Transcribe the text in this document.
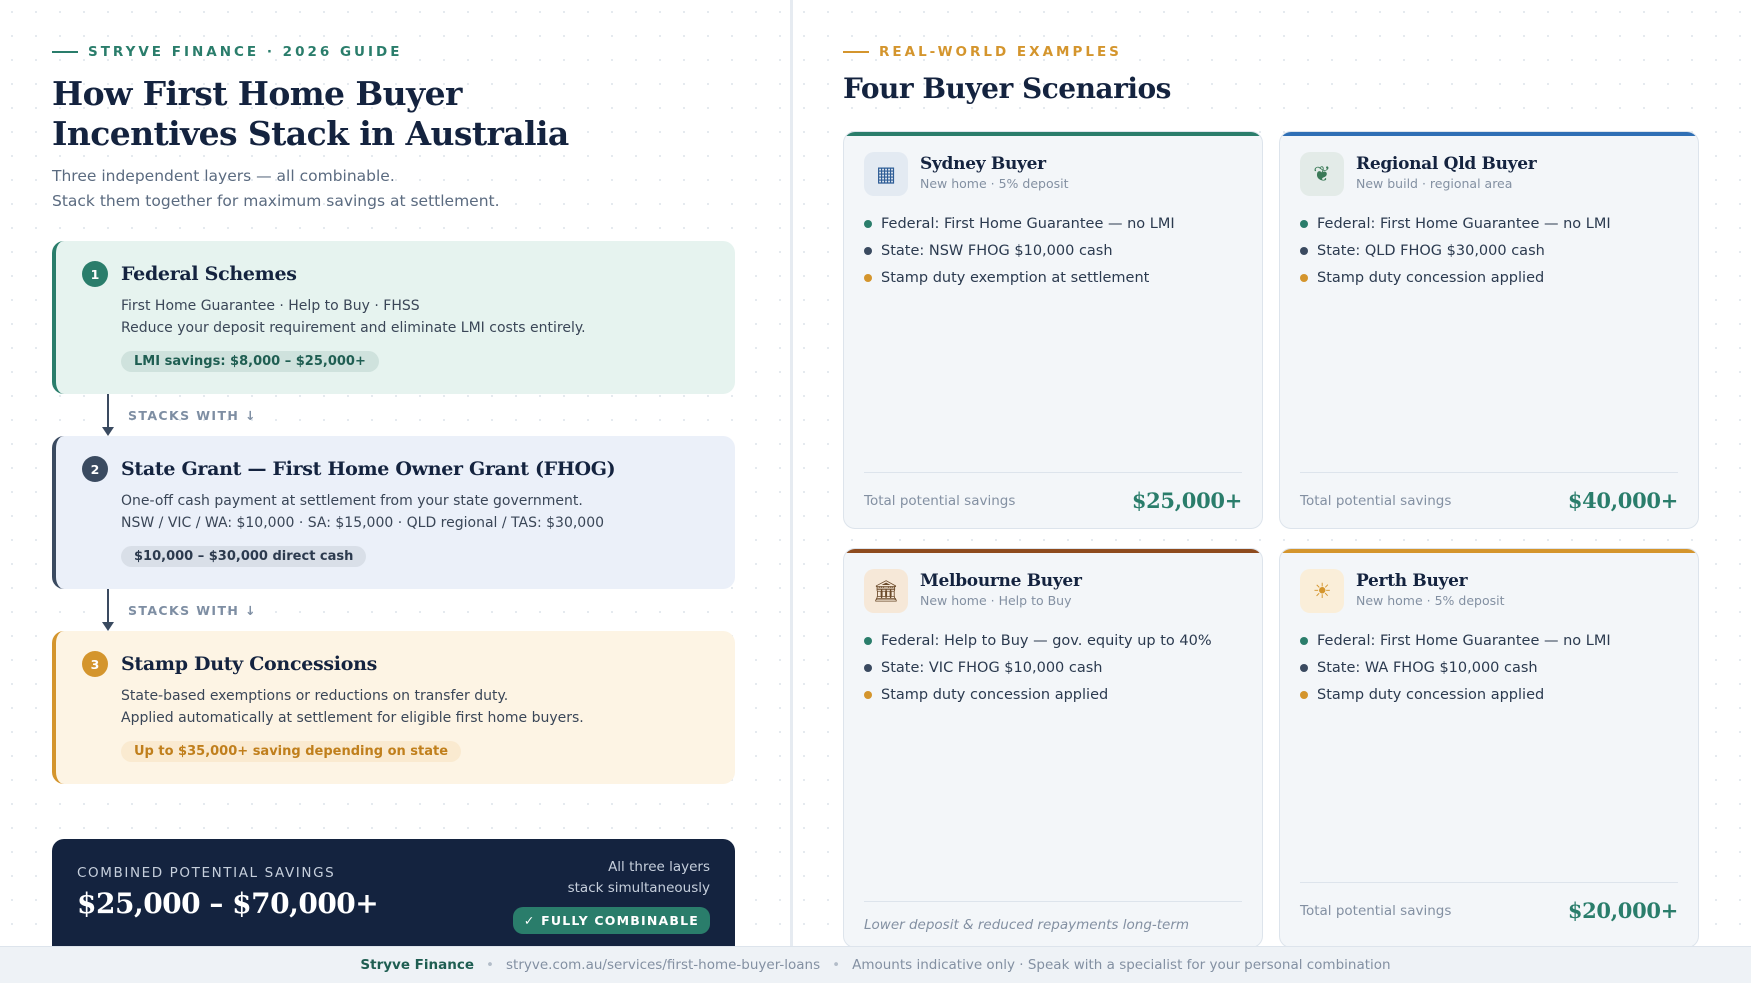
STRYVE FINANCE · 2026 GUIDE
How First Home Buyer
Incentives Stack in Australia
Three independent layers — all combinable.
Stack them together for maximum savings at settlement.
1	Federal Schemes
First Home Guarantee · Help to Buy · FHSS
Reduce your deposit requirement and eliminate LMI costs entirely.
LMI savings: $8,000 – $25,000+
STACKS WITH ↓
2	State Grant — First Home Owner Grant (FHOG)
One-off cash payment at settlement from your state government.
NSW / VIC / WA: $10,000 · SA: $15,000 · QLD regional / TAS: $30,000
$10,000 – $30,000 direct cash
STACKS WITH ↓
3	Stamp Duty Concessions
State-based exemptions or reductions on transfer duty.
Applied automatically at settlement for eligible first home buyers.
Up to $35,000+ saving depending on state
COMBINED POTENTIAL SAVINGS
$25,000 – $70,000+
All three layers
stack simultaneously
✓ FULLY COMBINABLE
REAL-WORLD EXAMPLES
Four Buyer Scenarios
▦	Sydney Buyer
New home · 5% deposit
Federal: First Home Guarantee — no LMI
State: NSW FHOG $10,000 cash
Stamp duty exemption at settlement
Total potential savings	$25,000+
❦	Regional Qld Buyer
New build · regional area
Federal: First Home Guarantee — no LMI
State: QLD FHOG $30,000 cash
Stamp duty concession applied
Total potential savings	$40,000+
🏛	Melbourne Buyer
New home · Help to Buy
Federal: Help to Buy — gov. equity up to 40%
State: VIC FHOG $10,000 cash
Stamp duty concession applied
Lower deposit & reduced repayments long-term
☀	Perth Buyer
New home · 5% deposit
Federal: First Home Guarantee — no LMI
State: WA FHOG $10,000 cash
Stamp duty concession applied
Total potential savings	$20,000+
Stryve Finance • stryve.com.au/services/first-home-buyer-loans • Amounts indicative only · Speak with a specialist for your personal combination
